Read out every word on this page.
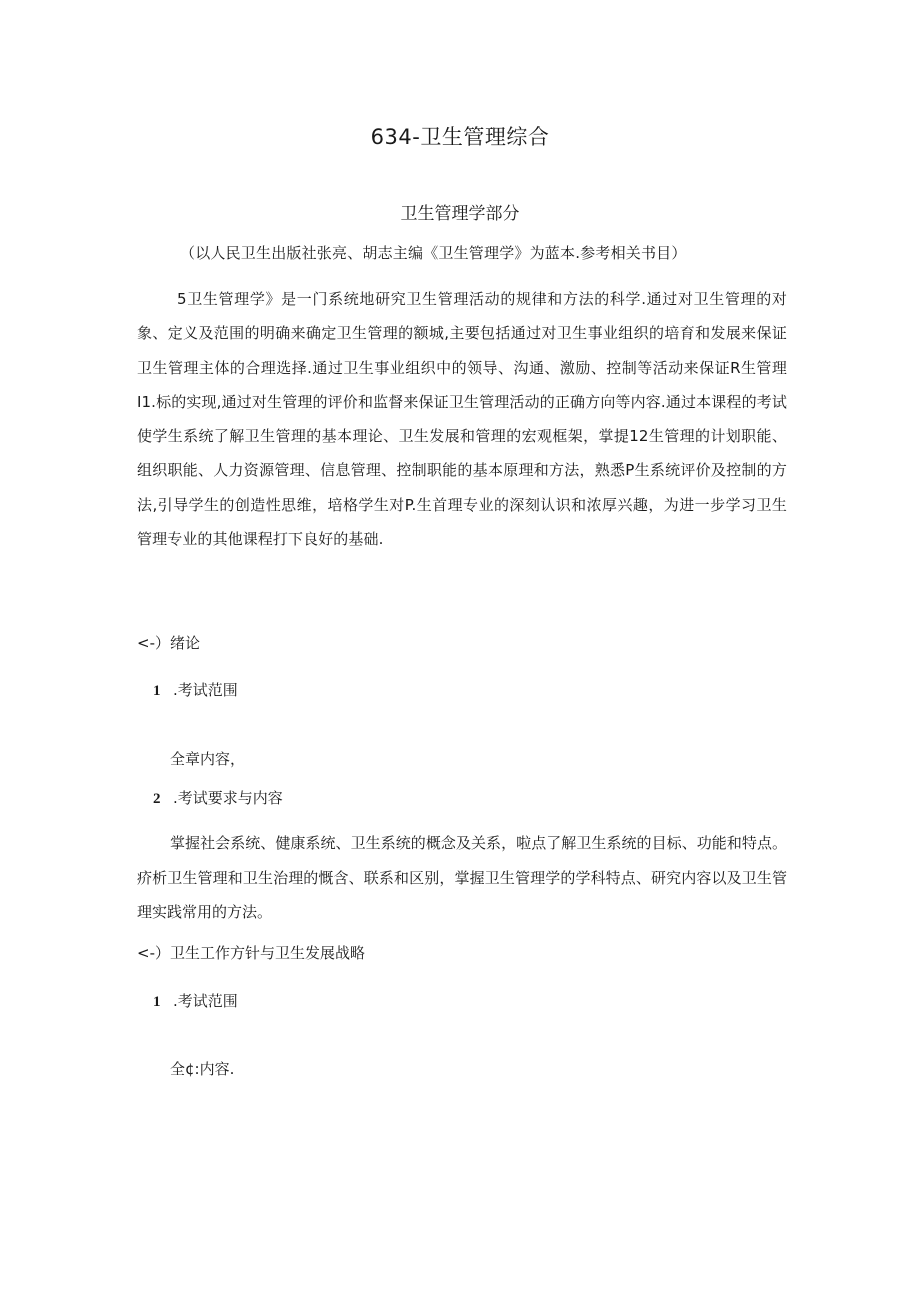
634-卫生管理综合
卫生管理学部分
（以人民卫生出版社张亮、胡志主编《卫生管理学》为蓝本.参考相关书目）
5卫生管理学》是一门系统地研究卫生管理活动的规律和方法的科学.通过对卫生管理的对象、定义及范围的明确来确定卫生管理的额城,主要包括通过对卫生事业组织的培育和发展来保证卫生管理主体的合理选择.通过卫生事业组织中的领导、沟通、激励、控制等活动来保证R生管理I1.标的实现,通过对生管理的评价和监督来保证卫生管理活动的正确方向等内容.通过本课程的考试使学生系统了解卫生管理的基本理论、卫生发展和管理的宏观框架，掌提12生管理的计划职能、组织职能、人力资源管理、信息管理、控制职能的基本原理和方法，熟悉P生系统评价及控制的方法,引导学生的创造性思维，培格学生对P.生首理专业的深刻认识和浓厚兴趣，为进一步学习卫生管理专业的其他课程打下良好的基础.
<-）绪论
1 .考试范围
全章内容，
2 .考试要求与内容
掌握社会系统、健康系统、卫生系统的概念及关系，啦点了解卫生系统的目标、功能和特点。疥析卫生管理和卫生治理的慨含、联系和区别，掌握卫生管理学的学科特点、研究内容以及卫生管理实践常用的方法。
<-）卫生工作方针与卫生发展战略
1 .考试范围
全¢:内容.
